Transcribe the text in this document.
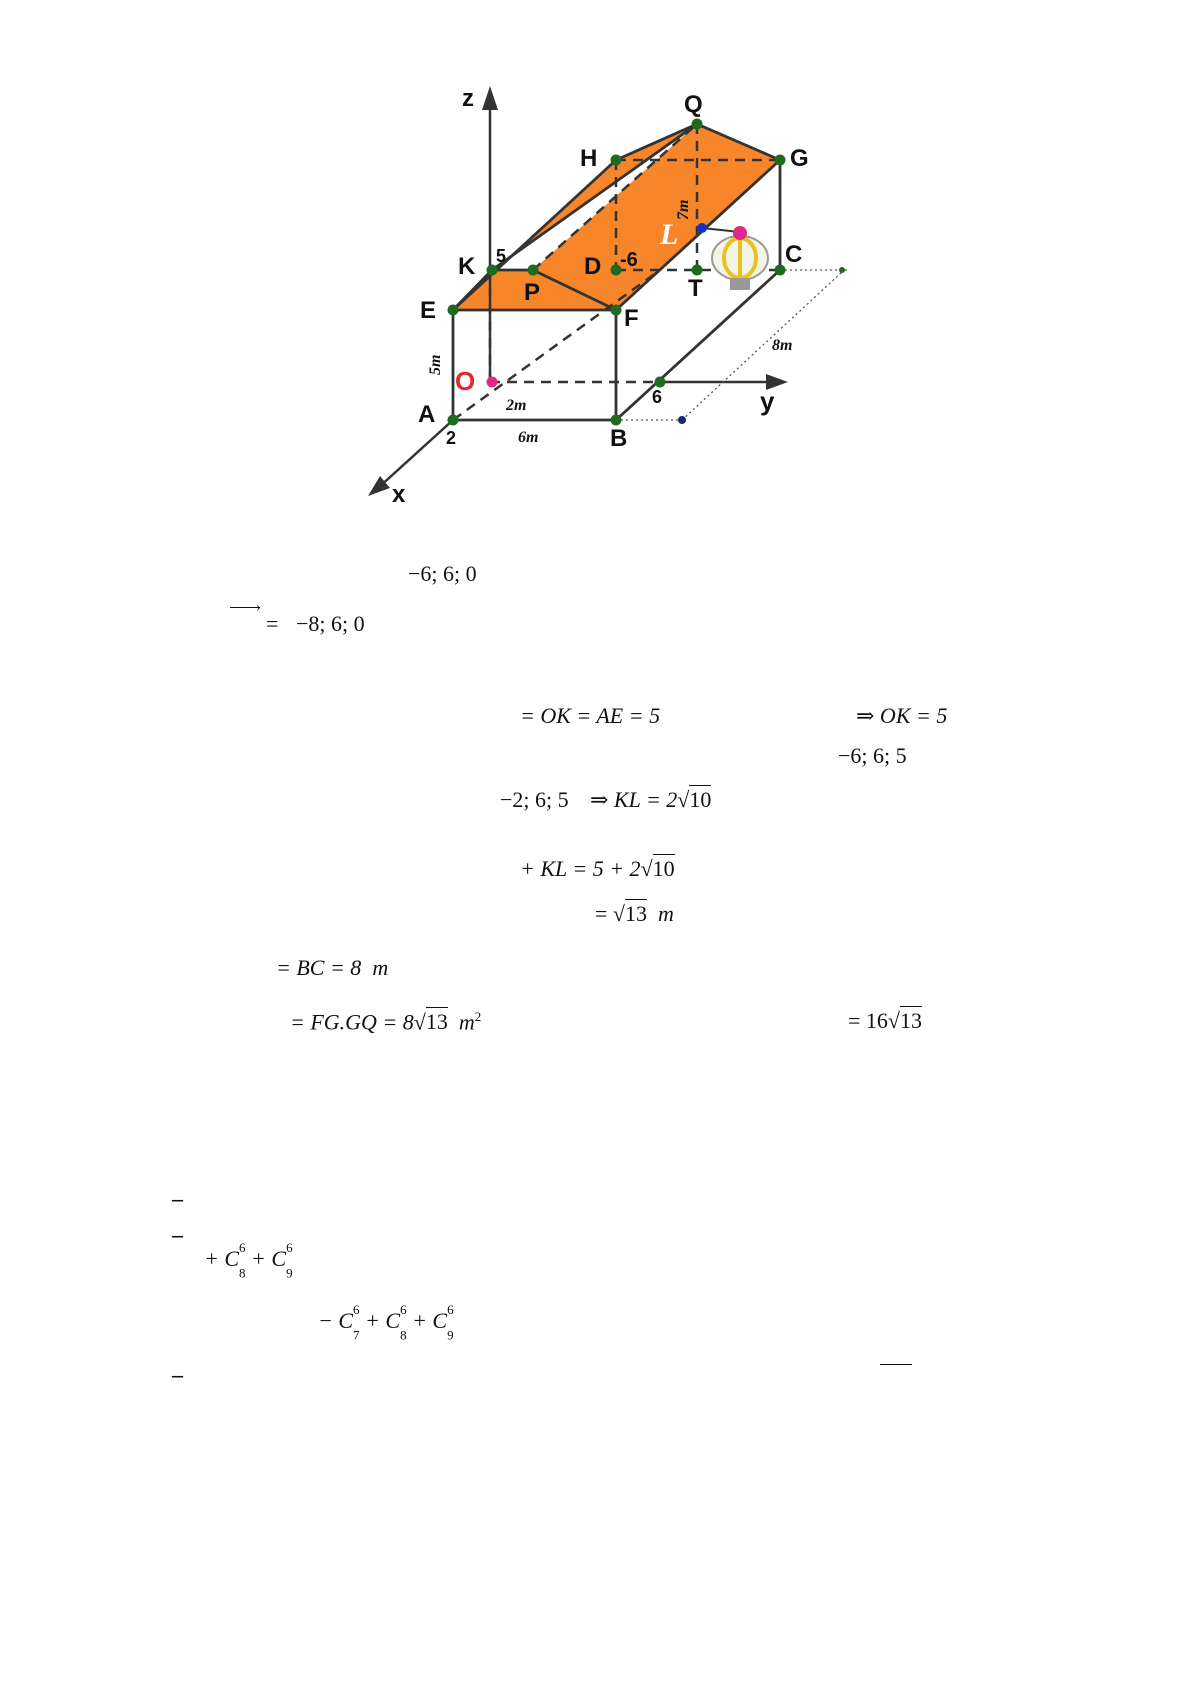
Q
H	G
K
P
D
T
C
E	F
O
A
B
z
y
x
5	-6
6
2
5m
2m
6m
8m
7m
L
−6; 6; 0
›
= −8; 6; 0
= OK = AE = 5	⇒ OK = 5
−6; 6; 5
−2; 6; 5 ⇒ KL = 2√10
+ KL = 5 + 2√10
= √13 m
= BC = 8 m
= FG.GQ = 8√13 $m^2$	= 16√13
–
–
+ $C^6$
$_8 + C^6$
$_9$
− $C^6$
$_7 + C^6$
$_8 + C^6$
$_9$
–
